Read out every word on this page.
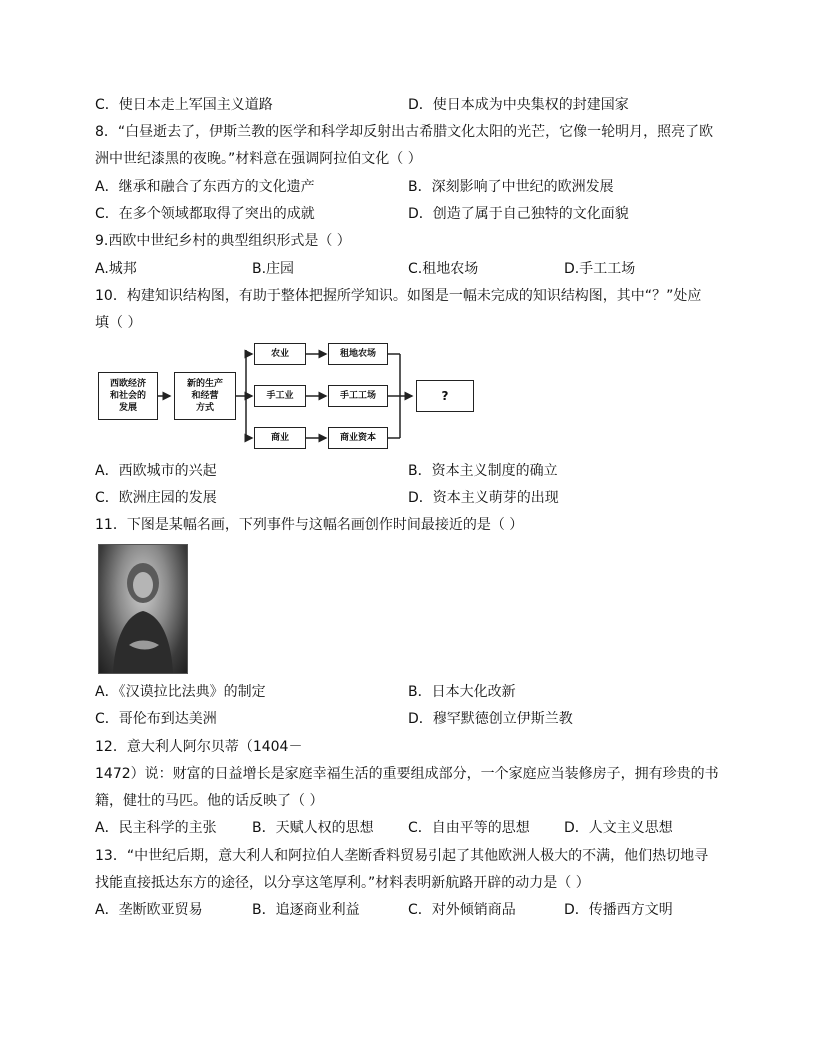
C．使日本走上军国主义道路	D．使日本成为中央集权的封建国家
8．“白昼逝去了，伊斯兰教的医学和科学却反射出古希腊文化太阳的光芒，它像一轮明月，照亮了欧
洲中世纪漆黑的夜晚。”材料意在强调阿拉伯文化（ ）
A．继承和融合了东西方的文化遗产	B．深刻影响了中世纪的欧洲发展
C．在多个领域都取得了突出的成就	D．创造了属于自己独特的文化面貌
9.西欧中世纪乡村的典型组织形式是（ ）
A.城邦	B.庄园	C.租地农场	D.手工工场
10．构建知识结构图，有助于整体把握所学知识。如图是一幅未完成的知识结构图，其中“？”处应
填（ ）
西欧经济
和社会的
发展
新的生产
和经营
方式
农业
手工业
商业
租地农场
手工工场
商业资本
?
A．西欧城市的兴起	B．资本主义制度的确立
C．欧洲庄园的发展	D．资本主义萌芽的出现
11．下图是某幅名画，下列事件与这幅名画创作时间最接近的是（ ）
A．《汉谟拉比法典》的制定	B．日本大化改新
C．哥伦布到达美洲	D．穆罕默德创立伊斯兰教
12．意大利人阿尔贝蒂（1404－
1472）说：财富的日益增长是家庭幸福生活的重要组成部分，一个家庭应当装修房子，拥有珍贵的书
籍，健壮的马匹。他的话反映了（ ）
A．民主科学的主张	B．天赋人权的思想 C．自由平等的思想 D．人文主义思想
13．“中世纪后期，意大利人和阿拉伯人垄断香料贸易引起了其他欧洲人极大的不满，他们热切地寻
找能直接抵达东方的途径，以分享这笔厚利。”材料表明新航路开辟的动力是（ ）
A．垄断欧亚贸易	B．追逐商业利益	C．对外倾销商品	D．传播西方文明
